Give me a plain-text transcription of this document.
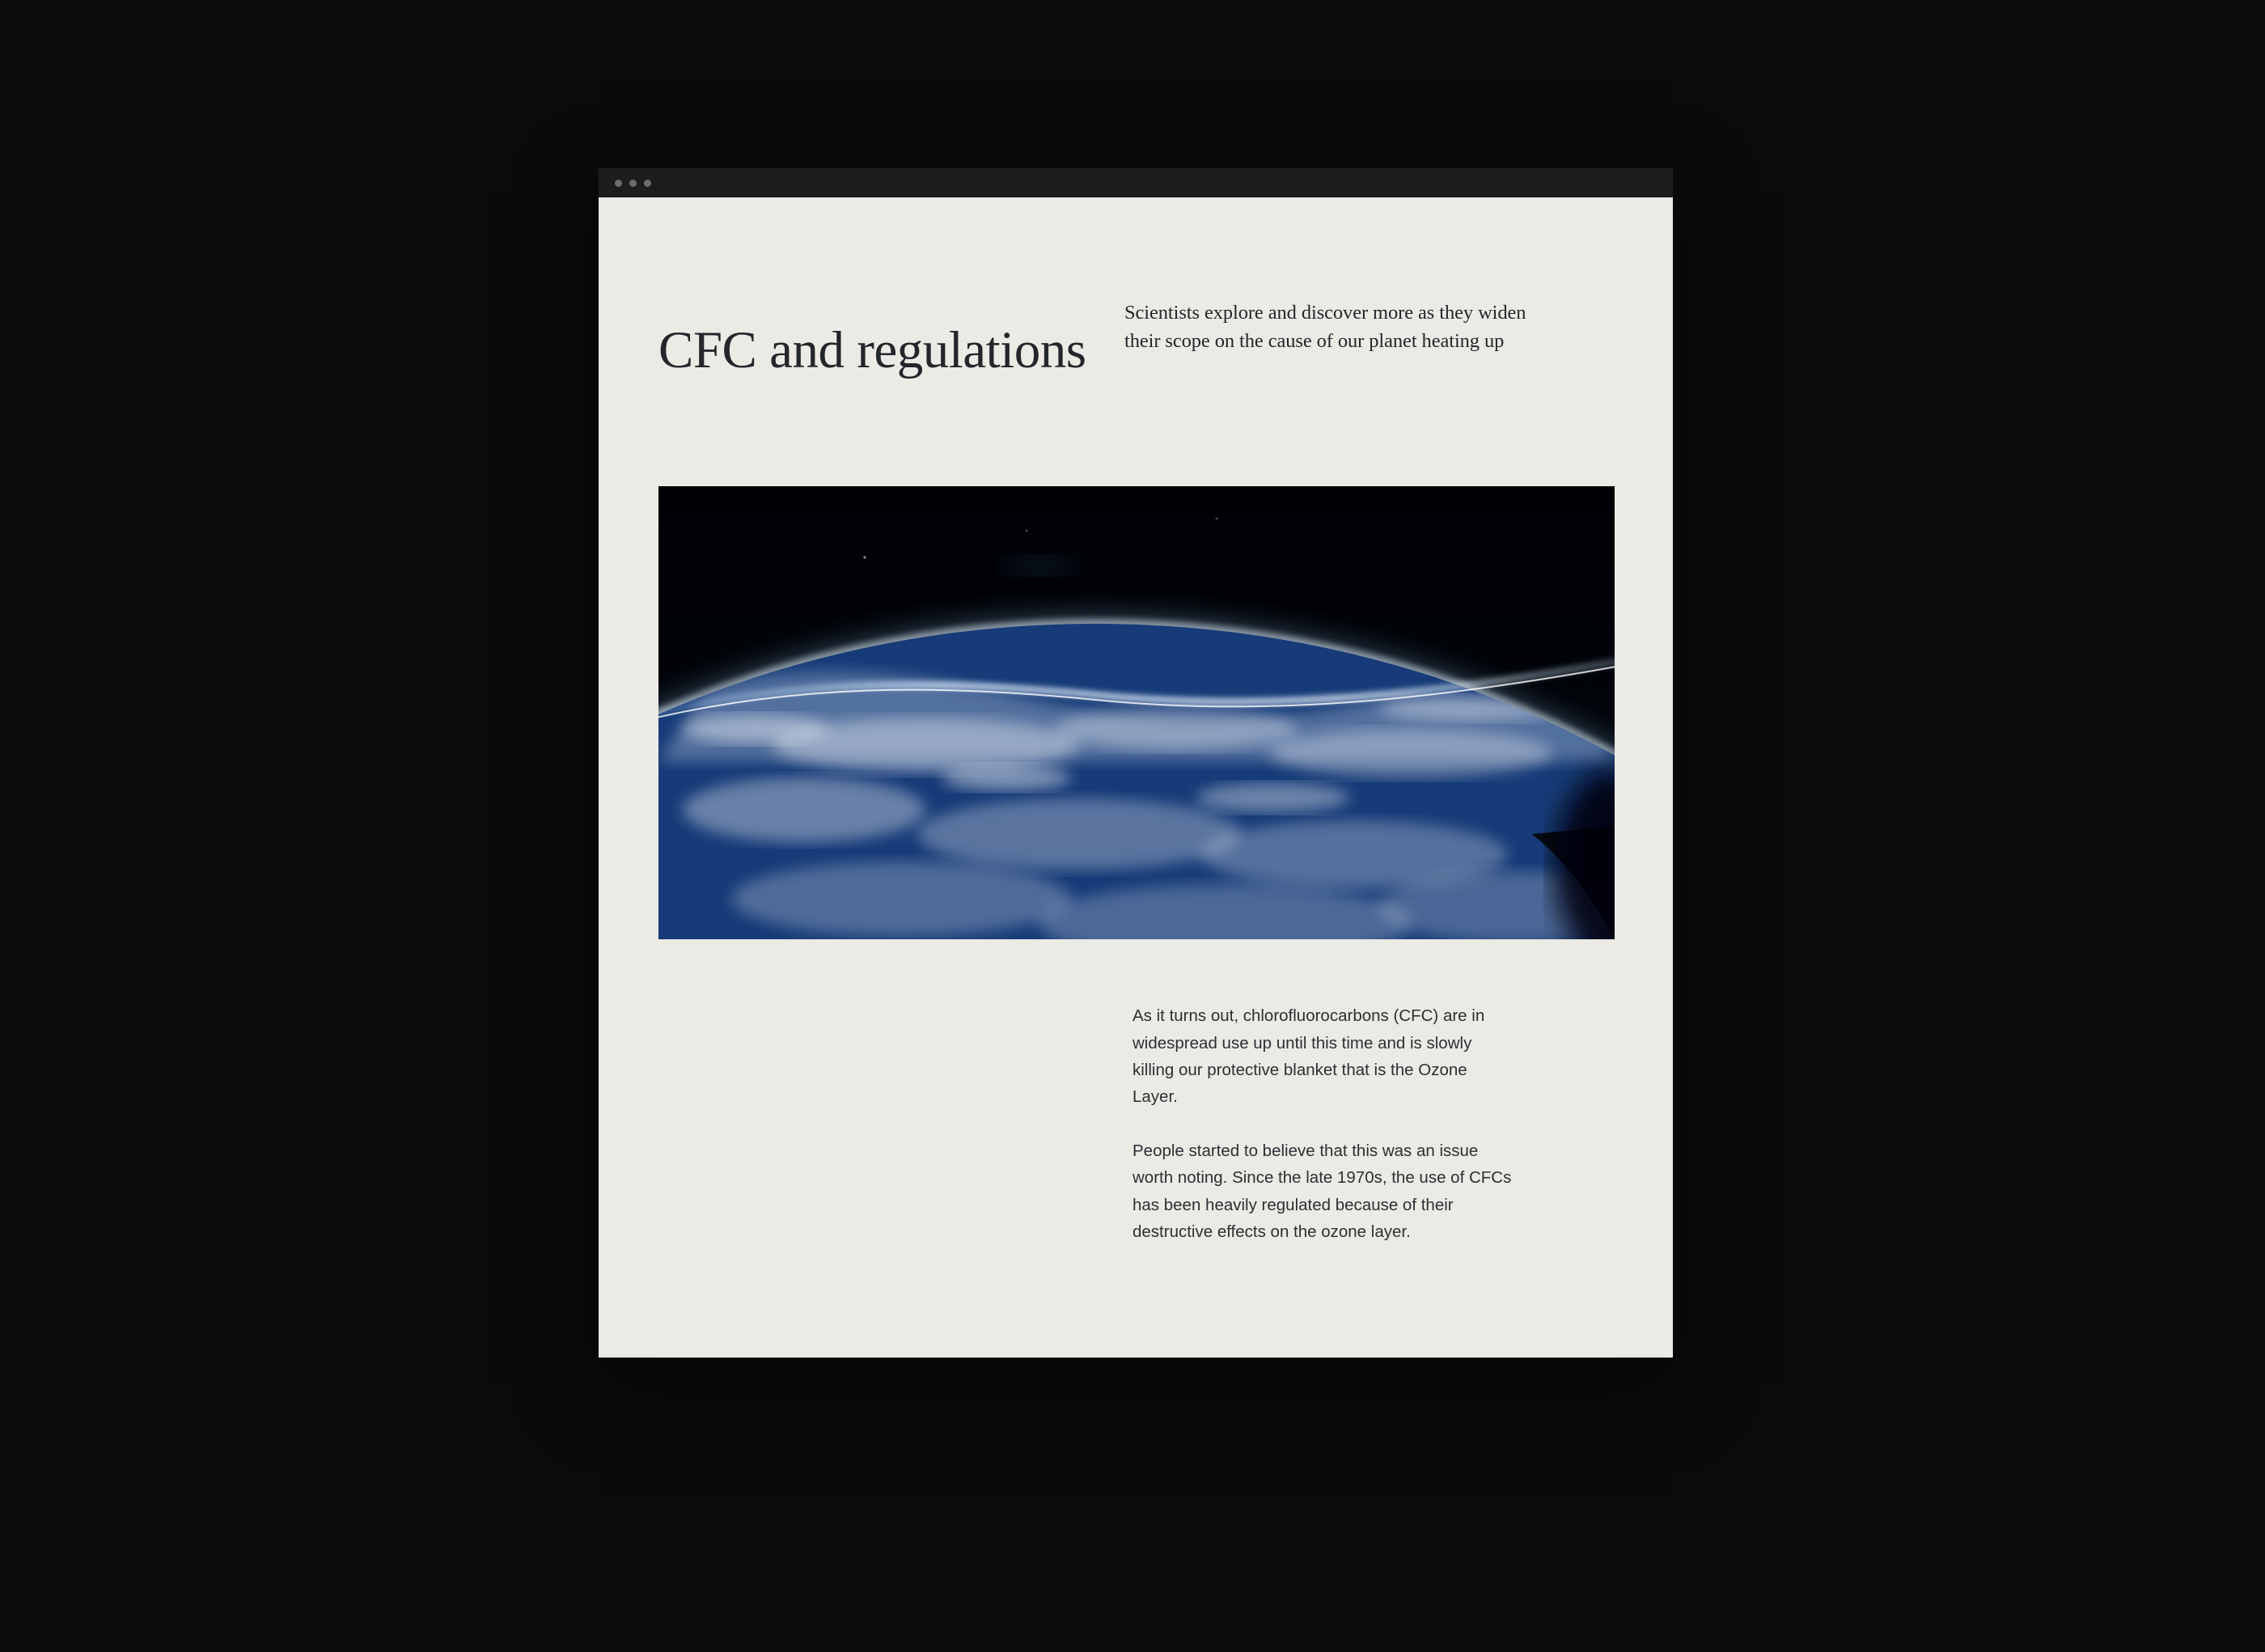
CFC and regulations
Scientists explore and discover more as they widen their scope on the cause of our planet heating up

As it turns out, chlorofluorocarbons (CFC) are in widespread use up until this time and is slowly killing our protective blanket that is the Ozone Layer.

People started to believe that this was an issue worth noting. Since the late 1970s, the use of CFCs has been heavily regulated because of their destructive effects on the ozone layer.
